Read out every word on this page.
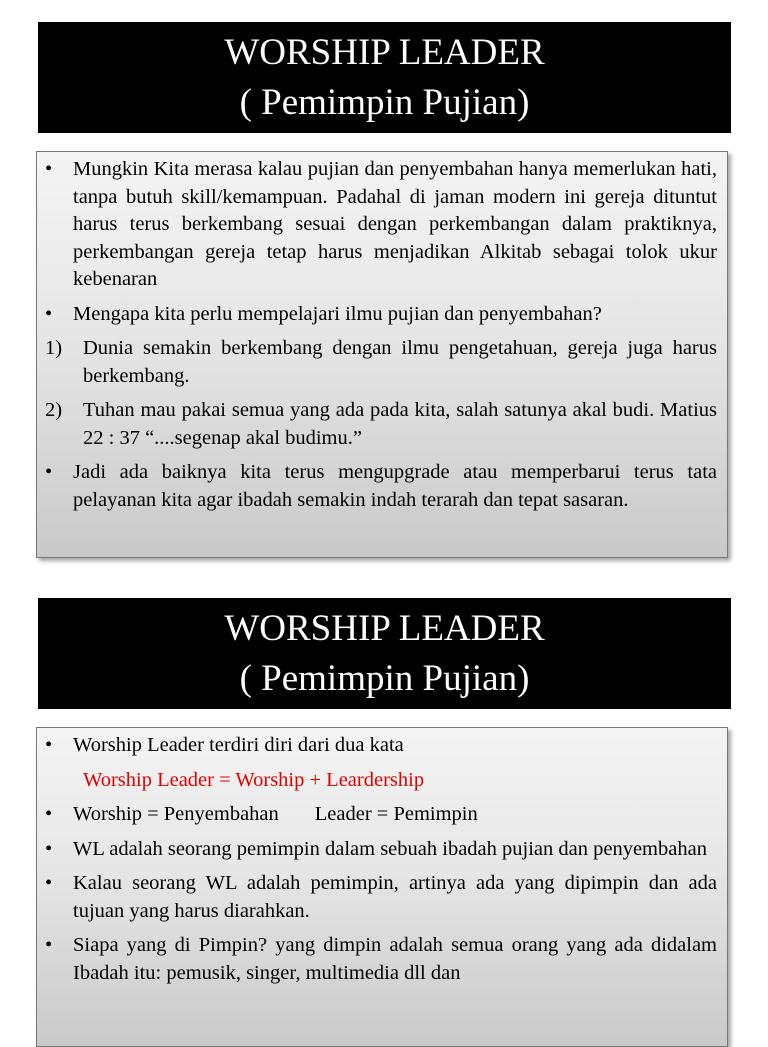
WORSHIP LEADER
( Pemimpin Pujian)
•	Mungkin Kita merasa kalau pujian dan penyembahan hanya memerlukan hati, tanpa butuh skill/kemampuan. Padahal di jaman modern ini gereja dituntut harus terus berkembang sesuai dengan perkembangan dalam praktiknya, perkembangan gereja tetap harus menjadikan Alkitab sebagai tolok ukur kebenaran
•	Mengapa kita perlu mempelajari ilmu pujian dan penyembahan?
1)	Dunia semakin berkembang dengan ilmu pengetahuan, gereja juga harus berkembang.
2)	Tuhan mau pakai semua yang ada pada kita, salah satunya akal budi. Matius 22 : 37 “....segenap akal budimu.”
•	Jadi ada baiknya kita terus mengupgrade atau memperbarui terus tata pelayanan kita agar ibadah semakin indah terarah dan tepat sasaran.
WORSHIP LEADER
( Pemimpin Pujian)
•	Worship Leader terdiri diri dari dua kata
Worship Leader = Worship + Leardership
•	Worship = Penyembahan Leader = Pemimpin
•	WL adalah seorang pemimpin dalam sebuah ibadah pujian dan penyembahan
•	Kalau seorang WL adalah pemimpin, artinya ada yang dipimpin dan ada tujuan yang harus diarahkan.
•	Siapa yang di Pimpin? yang dimpin adalah semua orang yang ada didalam Ibadah itu: pemusik, singer, multimedia dll dan
